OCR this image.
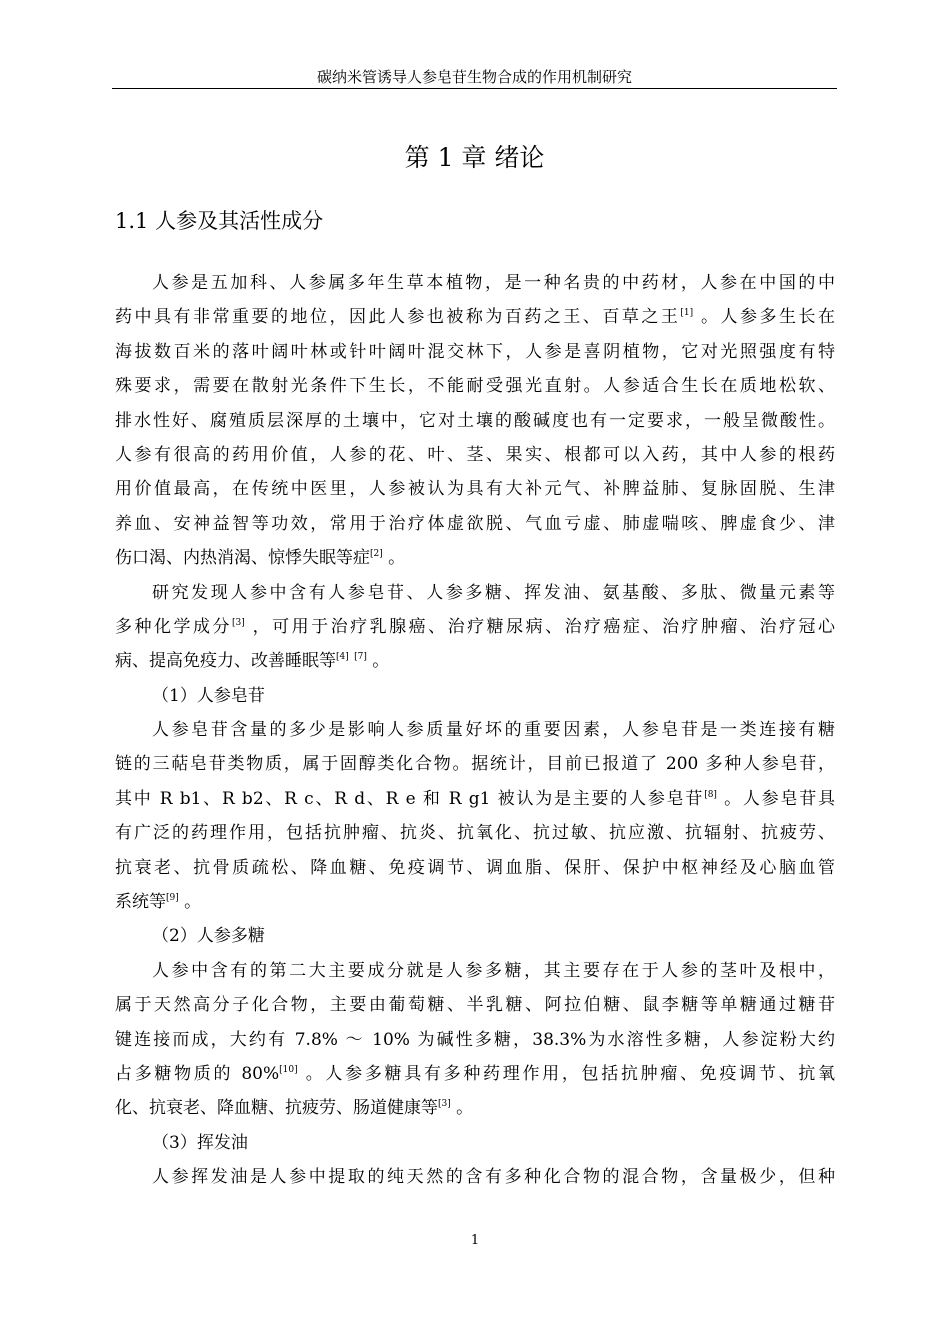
碳纳米管诱导人参皂苷生物合成的作用机制研究
第 1 章 绪论
1.1 人参及其活性成分
人参是五加科、人参属多年生草本植物，是一种名贵的中药材，人参在中国的中
药中具有非常重要的地位，因此人参也被称为百药之王、百草之王[1] 。人参多生长在
海拔数百米的落叶阔叶林或针叶阔叶混交林下，人参是喜阴植物，它对光照强度有特
殊要求，需要在散射光条件下生长，不能耐受强光直射。人参适合生长在质地松软、
排水性好、腐殖质层深厚的土壤中，它对土壤的酸碱度也有一定要求，一般呈微酸性。
人参有很高的药用价值，人参的花、叶、茎、果实、根都可以入药，其中人参的根药
用价值最高，在传统中医里，人参被认为具有大补元气、补脾益肺、复脉固脱、生津
养血、安神益智等功效，常用于治疗体虚欲脱、气血亏虚、肺虚喘咳、脾虚食少、津
伤口渴、内热消渴、惊悸失眠等症[2] 。
研究发现人参中含有人参皂苷、人参多糖、挥发油、氨基酸、多肽、微量元素等
多种化学成分[3] ，可用于治疗乳腺癌、治疗糖尿病、治疗癌症、治疗肿瘤、治疗冠心
病、提高免疫力、改善睡眠等[4] [7] 。
（1）人参皂苷
人参皂苷含量的多少是影响人参质量好坏的重要因素，人参皂苷是一类连接有糖
链的三萜皂苷类物质，属于固醇类化合物。据统计，目前已报道了 200 多种人参皂苷，
其中 R b1、R b2、R c、R d、R e 和 R g1 被认为是主要的人参皂苷[8] 。人参皂苷具
有广泛的药理作用，包括抗肿瘤、抗炎、抗氧化、抗过敏、抗应激、抗辐射、抗疲劳、
抗衰老、抗骨质疏松、降血糖、免疫调节、调血脂、保肝、保护中枢神经及心脑血管
系统等[9] 。
（2）人参多糖
人参中含有的第二大主要成分就是人参多糖，其主要存在于人参的茎叶及根中，
属于天然高分子化合物，主要由葡萄糖、半乳糖、阿拉伯糖、鼠李糖等单糖通过糖苷
键连接而成，大约有 7.8% ～ 10% 为碱性多糖，38.3%为水溶性多糖，人参淀粉大约
占多糖物质的 80%[10] 。人参多糖具有多种药理作用，包括抗肿瘤、免疫调节、抗氧
化、抗衰老、降血糖、抗疲劳、肠道健康等[3] 。
（3）挥发油
人参挥发油是人参中提取的纯天然的含有多种化合物的混合物，含量极少，但种
1
